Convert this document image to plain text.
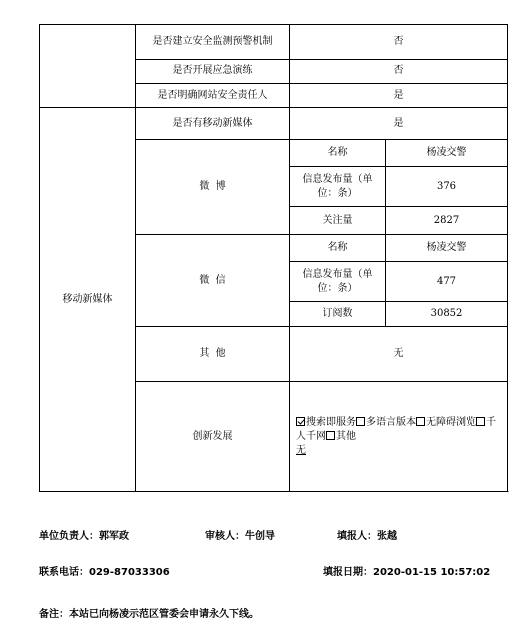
	是否建立安全监测预警机制	否	
	是否开展应急演练	否	
	是否明确网站安全责任人	是	
移动新媒体	是否有移动新媒体	是	
	微  博	名称	杨凌交警
		信息发布量（单位：条）	376
		关注量	2827
	微  信	名称	杨凌交警
		信息发布量（单位：条）	477
		订阅数	30852
	其  他	无	
	创新发展	搜索即服务 多语言版本 无障碍浏览 千人千网 其他
无	
单位负责人：郭军政	审核人：牛创导	填报人：张越
联系电话：029-87033306	填报日期：2020-01-15 10:57:02
备注：本站已向杨凌示范区管委会申请永久下线。
